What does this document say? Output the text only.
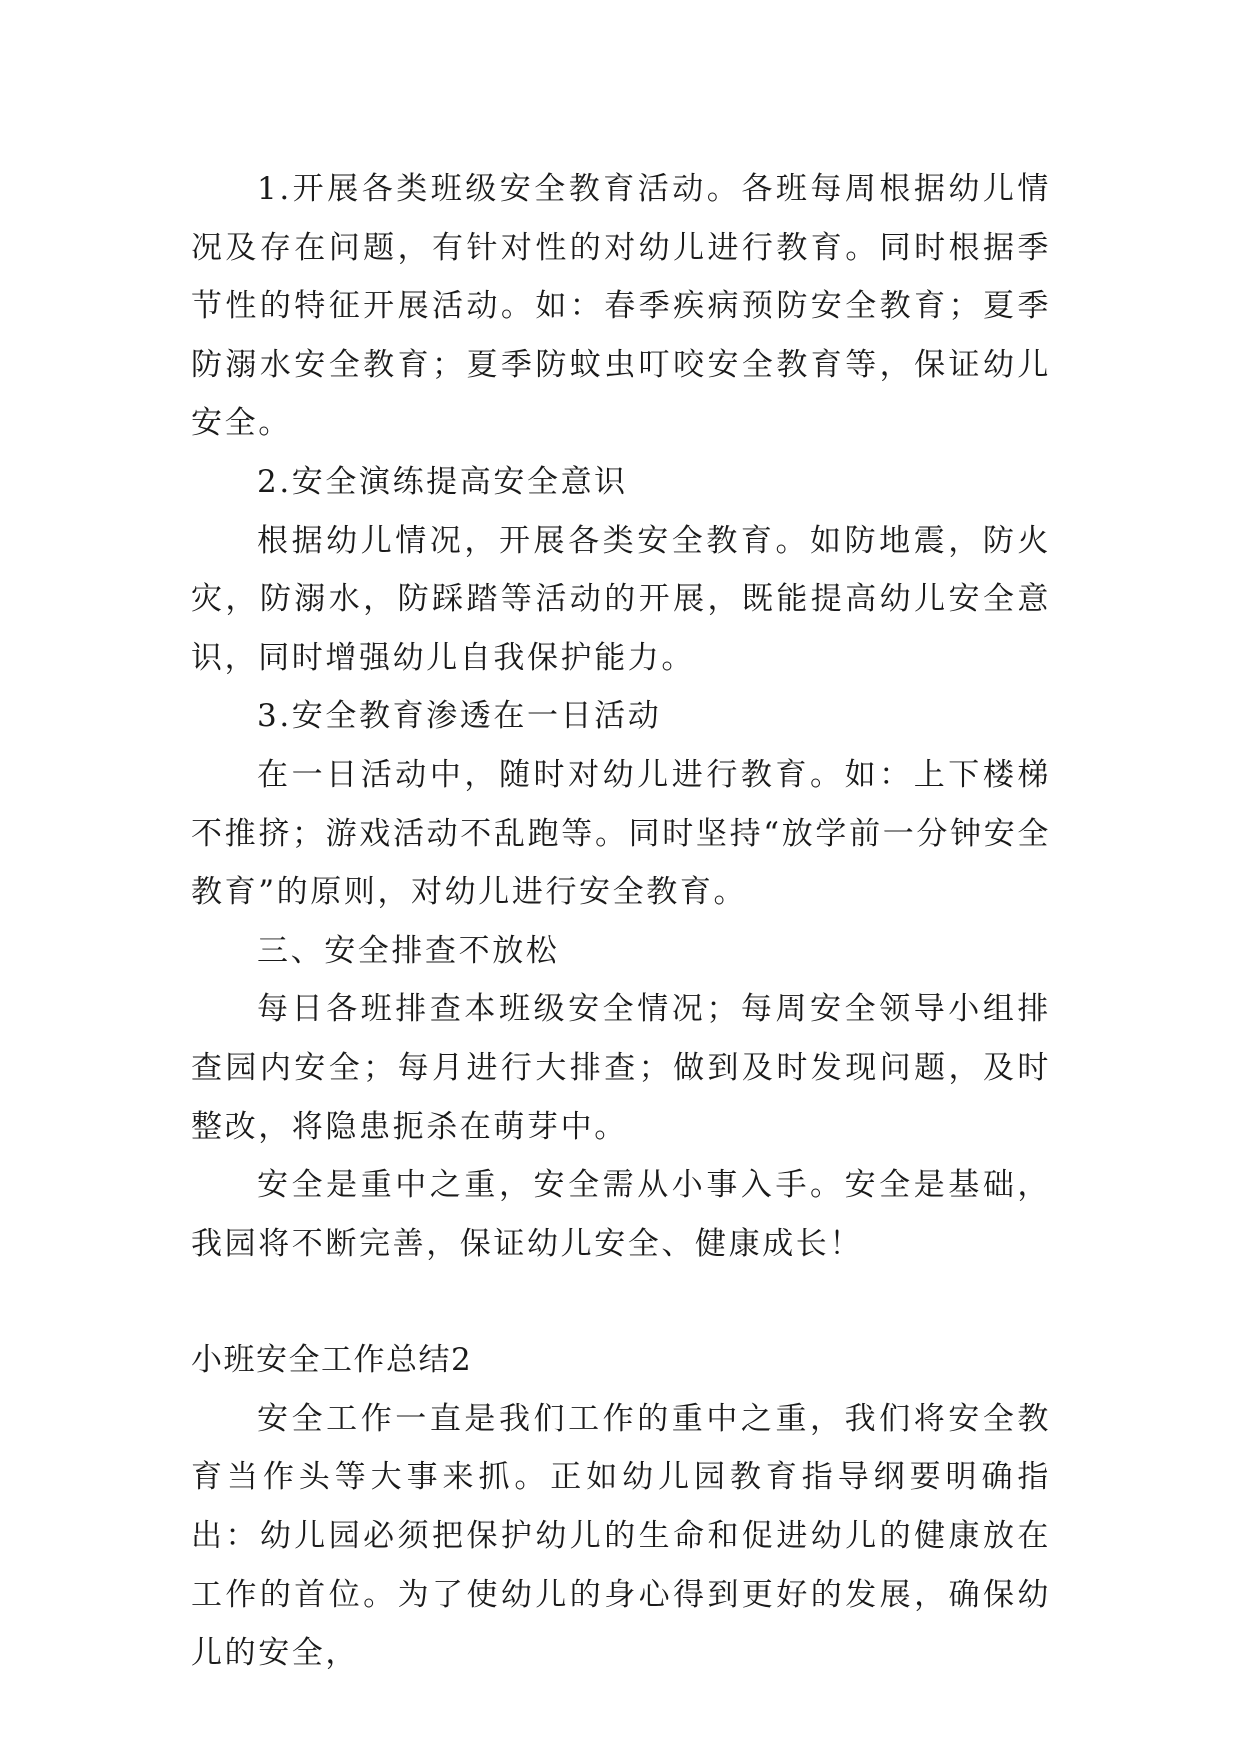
1.开展各类班级安全教育活动。各班每周根据幼儿情况及存在问题，有针对性的对幼儿进行教育。同时根据季节性的特征开展活动。如：春季疾病预防安全教育；夏季防溺水安全教育；夏季防蚊虫叮咬安全教育等，保证幼儿安全。

2.安全演练提高安全意识

根据幼儿情况，开展各类安全教育。如防地震，防火灾，防溺水，防踩踏等活动的开展，既能提高幼儿安全意识，同时增强幼儿自我保护能力。

3.安全教育渗透在一日活动

在一日活动中，随时对幼儿进行教育。如：上下楼梯不推挤；游戏活动不乱跑等。同时坚持“放学前一分钟安全教育”的原则，对幼儿进行安全教育。

三、安全排查不放松

每日各班排查本班级安全情况；每周安全领导小组排查园内安全；每月进行大排查；做到及时发现问题，及时整改，将隐患扼杀在萌芽中。

安全是重中之重，安全需从小事入手。安全是基础，我园将不断完善，保证幼儿安全、健康成长！

小班安全工作总结2

安全工作一直是我们工作的重中之重，我们将安全教育当作头等大事来抓。正如幼儿园教育指导纲要明确指出：幼儿园必须把保护幼儿的生命和促进幼儿的健康放在工作的首位。为了使幼儿的身心得到更好的发展，确保幼儿的安全，
